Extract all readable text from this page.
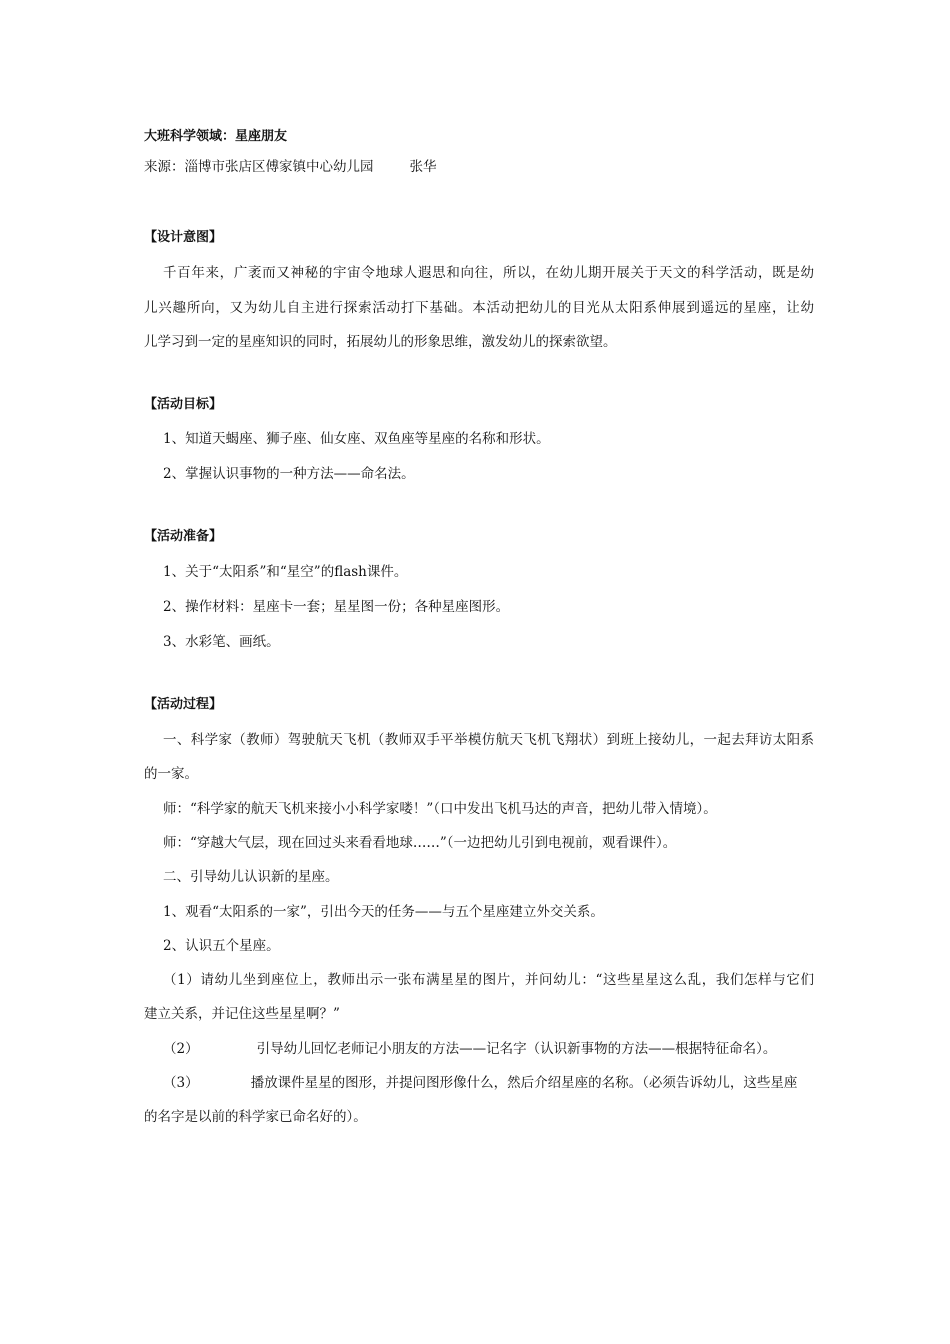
大班科学领域：星座朋友
来源：淄博市张店区傅家镇中心幼儿园	张华
【设计意图】
千百年来，广袤而又神秘的宇宙令地球人遐思和向往，所以，在幼儿期开展关于天文的科学活动，既是幼
儿兴趣所向，又为幼儿自主进行探索活动打下基础。本活动把幼儿的目光从太阳系伸展到遥远的星座，让幼
儿学习到一定的星座知识的同时，拓展幼儿的形象思维，激发幼儿的探索欲望。
【活动目标】
1、知道天蝎座、狮子座、仙女座、双鱼座等星座的名称和形状。
2、掌握认识事物的一种方法——命名法。
【活动准备】
1、关于“太阳系”和“星空”的flash课件。
2、操作材料：星座卡一套；星星图一份；各种星座图形。
3、水彩笔、画纸。
【活动过程】
一、科学家（教师）驾驶航天飞机（教师双手平举模仿航天飞机飞翔状）到班上接幼儿，一起去拜访太阳系
的一家。
师：“科学家的航天飞机来接小小科学家喽！”（口中发出飞机马达的声音，把幼儿带入情境）。
师：“穿越大气层，现在回过头来看看地球……”（一边把幼儿引到电视前，观看课件）。
二、引导幼儿认识新的星座。
1、观看“太阳系的一家”，引出今天的任务——与五个星座建立外交关系。
2、认识五个星座。
（1）请幼儿坐到座位上，教师出示一张布满星星的图片，并问幼儿：“这些星星这么乱，我们怎样与它们
建立关系，并记住这些星星啊？”
（2）	引导幼儿回忆老师记小朋友的方法——记名字（认识新事物的方法——根据特征命名）。
（3）	播放课件星星的图形，并提问图形像什么，然后介绍星座的名称。（必须告诉幼儿，这些星座
的名字是以前的科学家已命名好的）。
